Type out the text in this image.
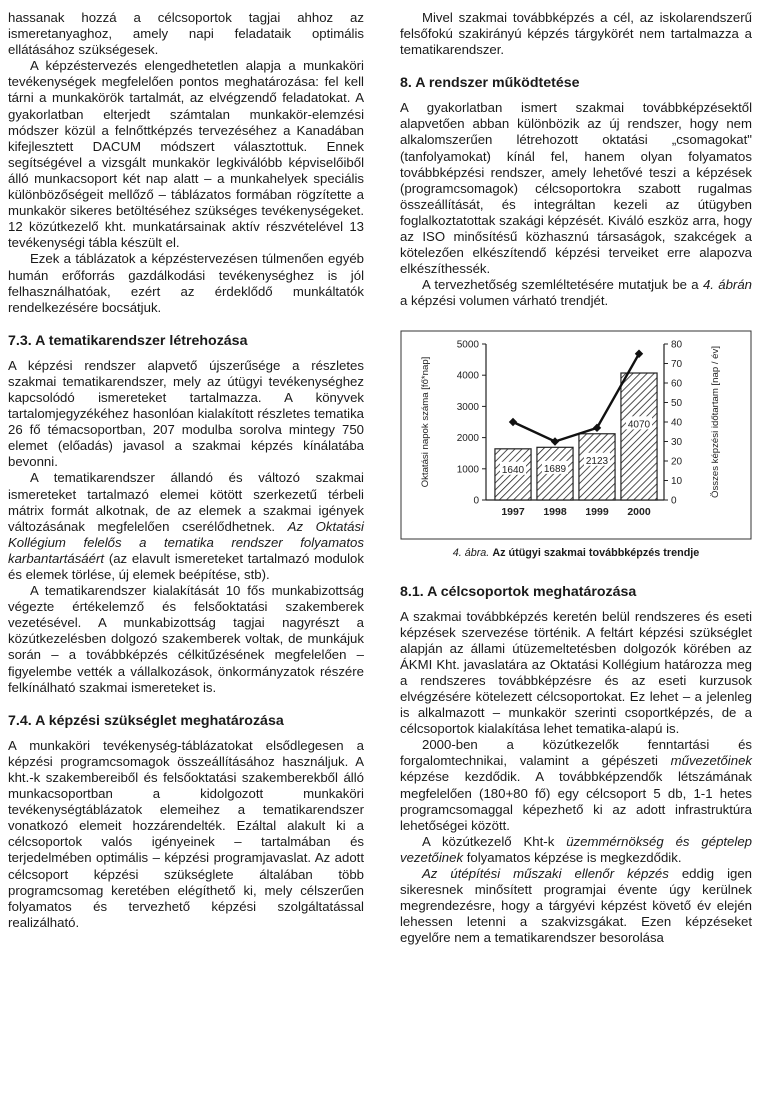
hassanak hozzá a célcsoportok tagjai ahhoz az ismeretanyaghoz, amely napi feladataik optimális ellátásához szükségesek.

A képzéstervezés elengedhetetlen alapja a munkaköri tevékenységek megfelelően pontos meghatározása: fel kell tárni a munkakörök tartalmát, az elvégzendő feladatokat. A gyakorlatban elterjedt számtalan munkakör-elemzési módszer közül a felnőttképzés tervezéséhez a Kanadában kifejlesztett DACUM módszert választottuk. Ennek segítségével a vizsgált munkakör legkiválóbb képviselőiből álló munkacsoport két nap alatt – a munkahelyek speciális különbözőségeit mellőző – táblázatos formában rögzítette a munkakör sikeres betöltéséhez szükséges tevékenységeket. 12 közútkezelő kht. munkatársainak aktív részvételével 13 tevékenységi tábla készült el.

Ezek a táblázatok a képzéstervezésen túlmenően egyéb humán erőforrás gazdálkodási tevékenységhez is jól felhasználhatóak, ezért az érdeklődő munkáltatók rendelkezésére bocsátjuk.

7.3. A tematikarendszer létrehozása

A képzési rendszer alapvető újszerűsége a részletes szakmai tematikarendszer, mely az útügyi tevékenységhez kapcsolódó ismereteket tartalmazza. A könyvek tartalomjegyzékéhez hasonlóan kialakított részletes tematika 26 fő témacsoportban, 207 modulba sorolva mintegy 750 elemet (előadás) javasol a szakmai képzés kínálatába bevonni.

A tematikarendszer állandó és változó szakmai ismereteket tartalmazó elemei kötött szerkezetű térbeli mátrix formát alkotnak, de az elemek a szakmai igények változásának megfelelően cserélődhetnek. Az Oktatási Kollégium felelős a tematika rendszer folyamatos karbantartásáért (az elavult ismereteket tartalmazó modulok és elemek törlése, új elemek beépítése, stb).

A tematikarendszer kialakítását 10 fős munkabizottság végezte értékelemző és felsőoktatási szakemberek vezetésével. A munkabizottság tagjai nagyrészt a közútkezelésben dolgozó szakemberek voltak, de munkájuk során – a továbbképzés célkitűzésének megfelelően – figyelembe vették a vállalkozások, önkormányzatok részére felkínálható szakmai ismereteket is.

7.4. A képzési szükséglet meghatározása

A munkaköri tevékenység-táblázatokat elsődlegesen a képzési programcsomagok összeállításához használjuk. A kht.-k szakembereiből és felsőoktatási szakemberekből álló munkacsoportban a kidolgozott munkaköri tevékenységtáblázatok elemeihez a tematikarendszer vonatkozó elemeit hozzárendelték. Ezáltal alakult ki a célcsoportok valós igényeinek – tartalmában és terjedelmében optimális – képzési programjavaslat. Az adott célcsoport képzési szükséglete általában több programcsomag keretében elégíthető ki, mely célszerűen folyamatos és tervezhető képzési szolgáltatással realizálható.

Mivel szakmai továbbképzés a cél, az iskolarendszerű felsőfokú szakirányú képzés tárgykörét nem tartalmazza a tematikarendszer.

8. A rendszer működtetése

A gyakorlatban ismert szakmai továbbképzésektől alapvetően abban különbözik az új rendszer, hogy nem alkalomszerűen létrehozott oktatási „csomagokat" (tanfolyamokat) kínál fel, hanem olyan folyamatos továbbképzési rendszer, amely lehetővé teszi a képzések (programcsomagok) célcsoportokra szabott rugalmas összeállítását, és integráltan kezeli az útügyben foglalkoztatottak szakági képzését. Kiváló eszköz arra, hogy az ISO minősítésű közhasznú társaságok, szakcégek a kötelezően elkészítendő képzési terveiket erre alapozva elkészíthessék.

A tervezhetőség szemléltetésére mutatjuk be a 4. ábrán a képzési volumen várható trendjét.

0
1000
2000
3000
4000
5000
0
10
20
30
40
50
60
70
80
Oktatási napok száma [fő*nap]	Összes képzési időtartam [nap / év]
1640
1997
1689
1998
2123
1999
4070
2000
4. ábra. Az útügyi szakmai továbbképzés trendje
8.1. A célcsoportok meghatározása

A szakmai továbbképzés keretén belül rendszeres és eseti képzések szervezése történik. A feltárt képzési szükséglet alapján az állami útüzemeltetésben dolgozók körében az ÁKMI Kht. javaslatára az Oktatási Kollégium határozza meg a rendszeres továbbképzésre és az eseti kurzusok elvégzésére kötelezett célcsoportokat. Ez lehet – a jelenleg is alkalmazott – munkakör szerinti csoportképzés, de a célcsoportok kialakítása lehet tematika-alapú is.

2000-ben a közútkezelők fenntartási és forgalomtechnikai, valamint a gépészeti művezetőinek képzése kezdődik. A továbbképzendők létszámának megfelelően (180+80 fő) egy célcsoport 5 db, 1-1 hetes programcsomaggal képezhető ki az adott infrastruktúra lehetőségei között.

A közútkezelő Kht-k üzemmérnökség és géptelep vezetőinek folyamatos képzése is megkezdődik.

Az útépítési műszaki ellenőr képzés eddig igen sikeresnek minősített programjai évente úgy kerülnek megrendezésre, hogy a tárgyévi képzést követő év elején lehessen letenni a szakvizsgákat. Ezen képzéseket egyelőre nem a tematikarendszer besorolása
